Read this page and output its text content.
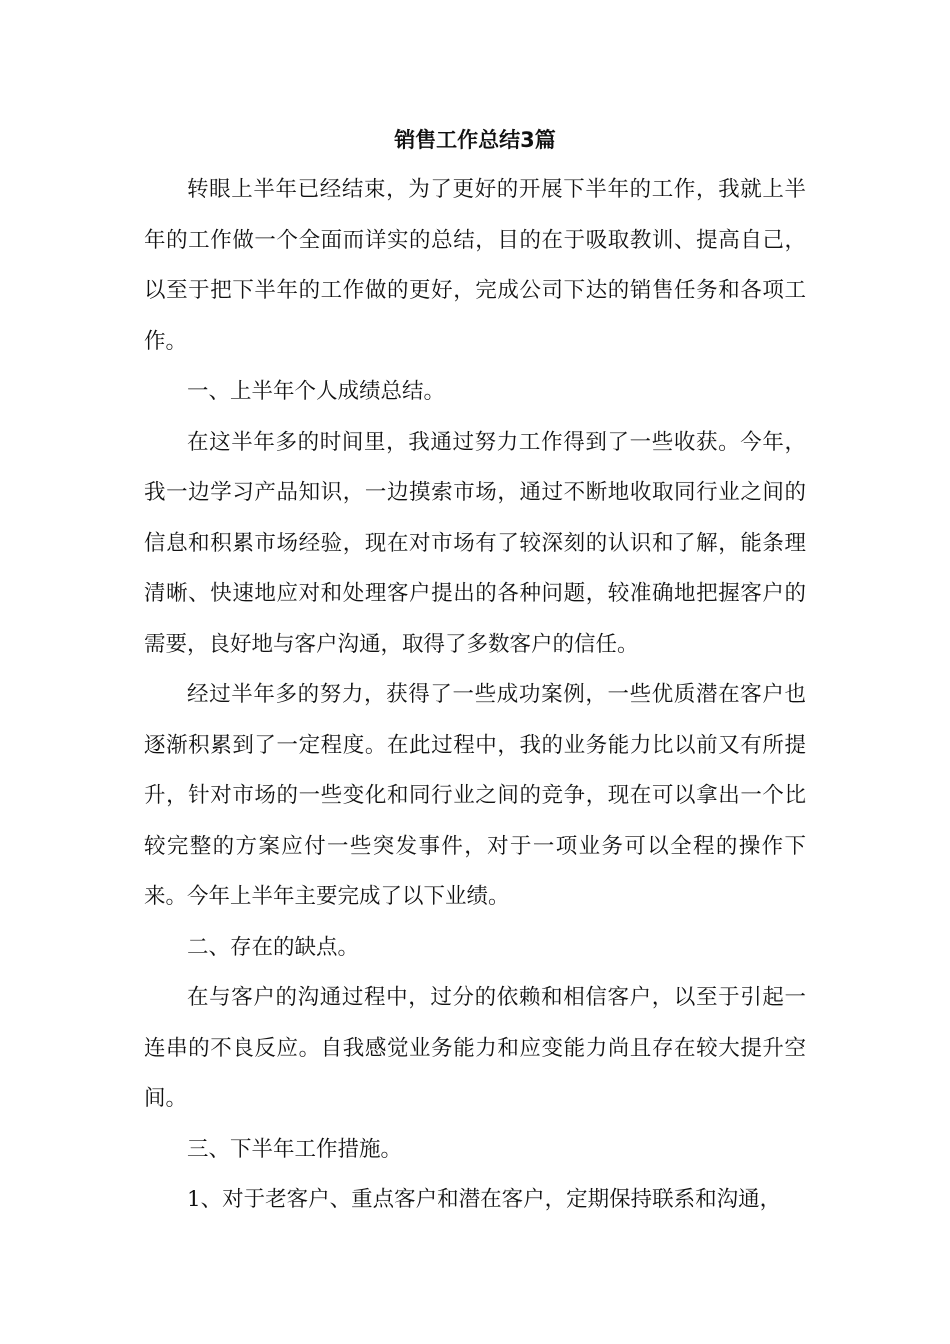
销售工作总结3篇

转眼上半年已经结束，为了更好的开展下半年的工作，我就上半年的工作做一个全面而详实的总结，目的在于吸取教训、提高自己，以至于把下半年的工作做的更好，完成公司下达的销售任务和各项工作。

一、上半年个人成绩总结。

在这半年多的时间里，我通过努力工作得到了一些收获。今年，我一边学习产品知识，一边摸索市场，通过不断地收取同行业之间的信息和积累市场经验，现在对市场有了较深刻的认识和了解，能条理清晰、快速地应对和处理客户提出的各种问题，较准确地把握客户的需要，良好地与客户沟通，取得了多数客户的信任。

经过半年多的努力，获得了一些成功案例，一些优质潜在客户也逐渐积累到了一定程度。在此过程中，我的业务能力比以前又有所提升，针对市场的一些变化和同行业之间的竞争，现在可以拿出一个比较完整的方案应付一些突发事件，对于一项业务可以全程的操作下来。今年上半年主要完成了以下业绩。

二、存在的缺点。

在与客户的沟通过程中，过分的依赖和相信客户，以至于引起一连串的不良反应。自我感觉业务能力和应变能力尚且存在较大提升空间。

三、下半年工作措施。

1、对于老客户、重点客户和潜在客户，定期保持联系和沟通，
